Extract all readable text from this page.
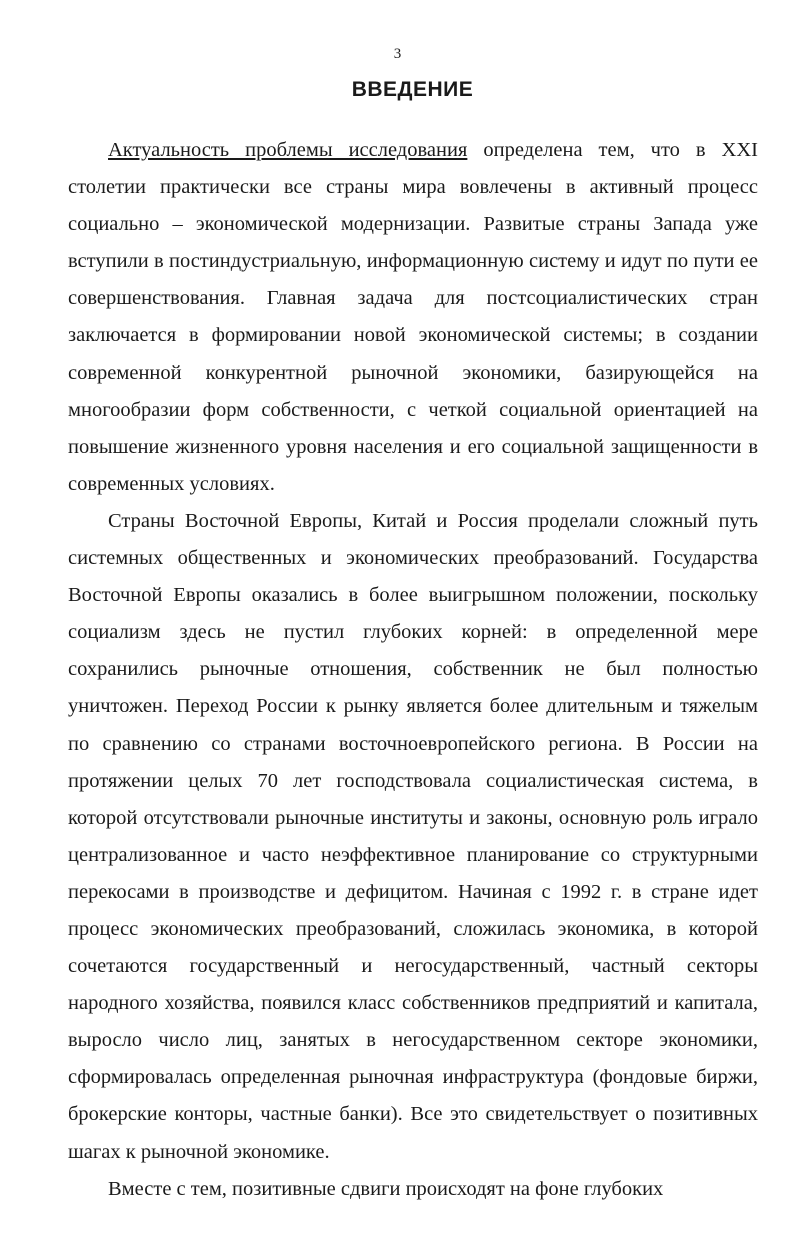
3
ВВЕДЕНИЕ

Актуальность проблемы исследования определена тем, что в XXI столетии практически все страны мира вовлечены в активный процесс социально – экономической модернизации. Развитые страны Запада уже вступили в постиндустриальную, информационную систему и идут по пути ее совершенствования. Главная задача для постсоциалистических стран заключается в формировании новой экономической системы; в создании современной конкурентной рыночной экономики, базирующейся на многообразии форм собственности, с четкой социальной ориентацией на повышение жизненного уровня населения и его социальной защищенности в современных условиях.

Страны Восточной Европы, Китай и Россия проделали сложный путь системных общественных и экономических преобразований. Государства Восточной Европы оказались в более выигрышном положении, поскольку социализм здесь не пустил глубоких корней: в определенной мере сохранились рыночные отношения, собственник не был полностью уничтожен. Переход России к рынку является более длительным и тяжелым по сравнению со странами восточноевропейского региона. В России на протяжении целых 70 лет господствовала социалистическая система, в которой отсутствовали рыночные институты и законы, основную роль играло централизованное и часто неэффективное планирование со структурными перекосами в производстве и дефицитом. Начиная с 1992 г. в стране идет процесс экономических преобразований, сложилась экономика, в которой сочетаются государственный и негосударственный, частный секторы народного хозяйства, появился класс собственников предприятий и капитала, выросло число лиц, занятых в негосударственном секторе экономики, сформировалась определенная рыночная инфраструктура (фондовые биржи, брокерские конторы, частные банки). Все это свидетельствует о позитивных шагах к рыночной экономике.

Вместе с тем, позитивные сдвиги происходят на фоне глубоких
